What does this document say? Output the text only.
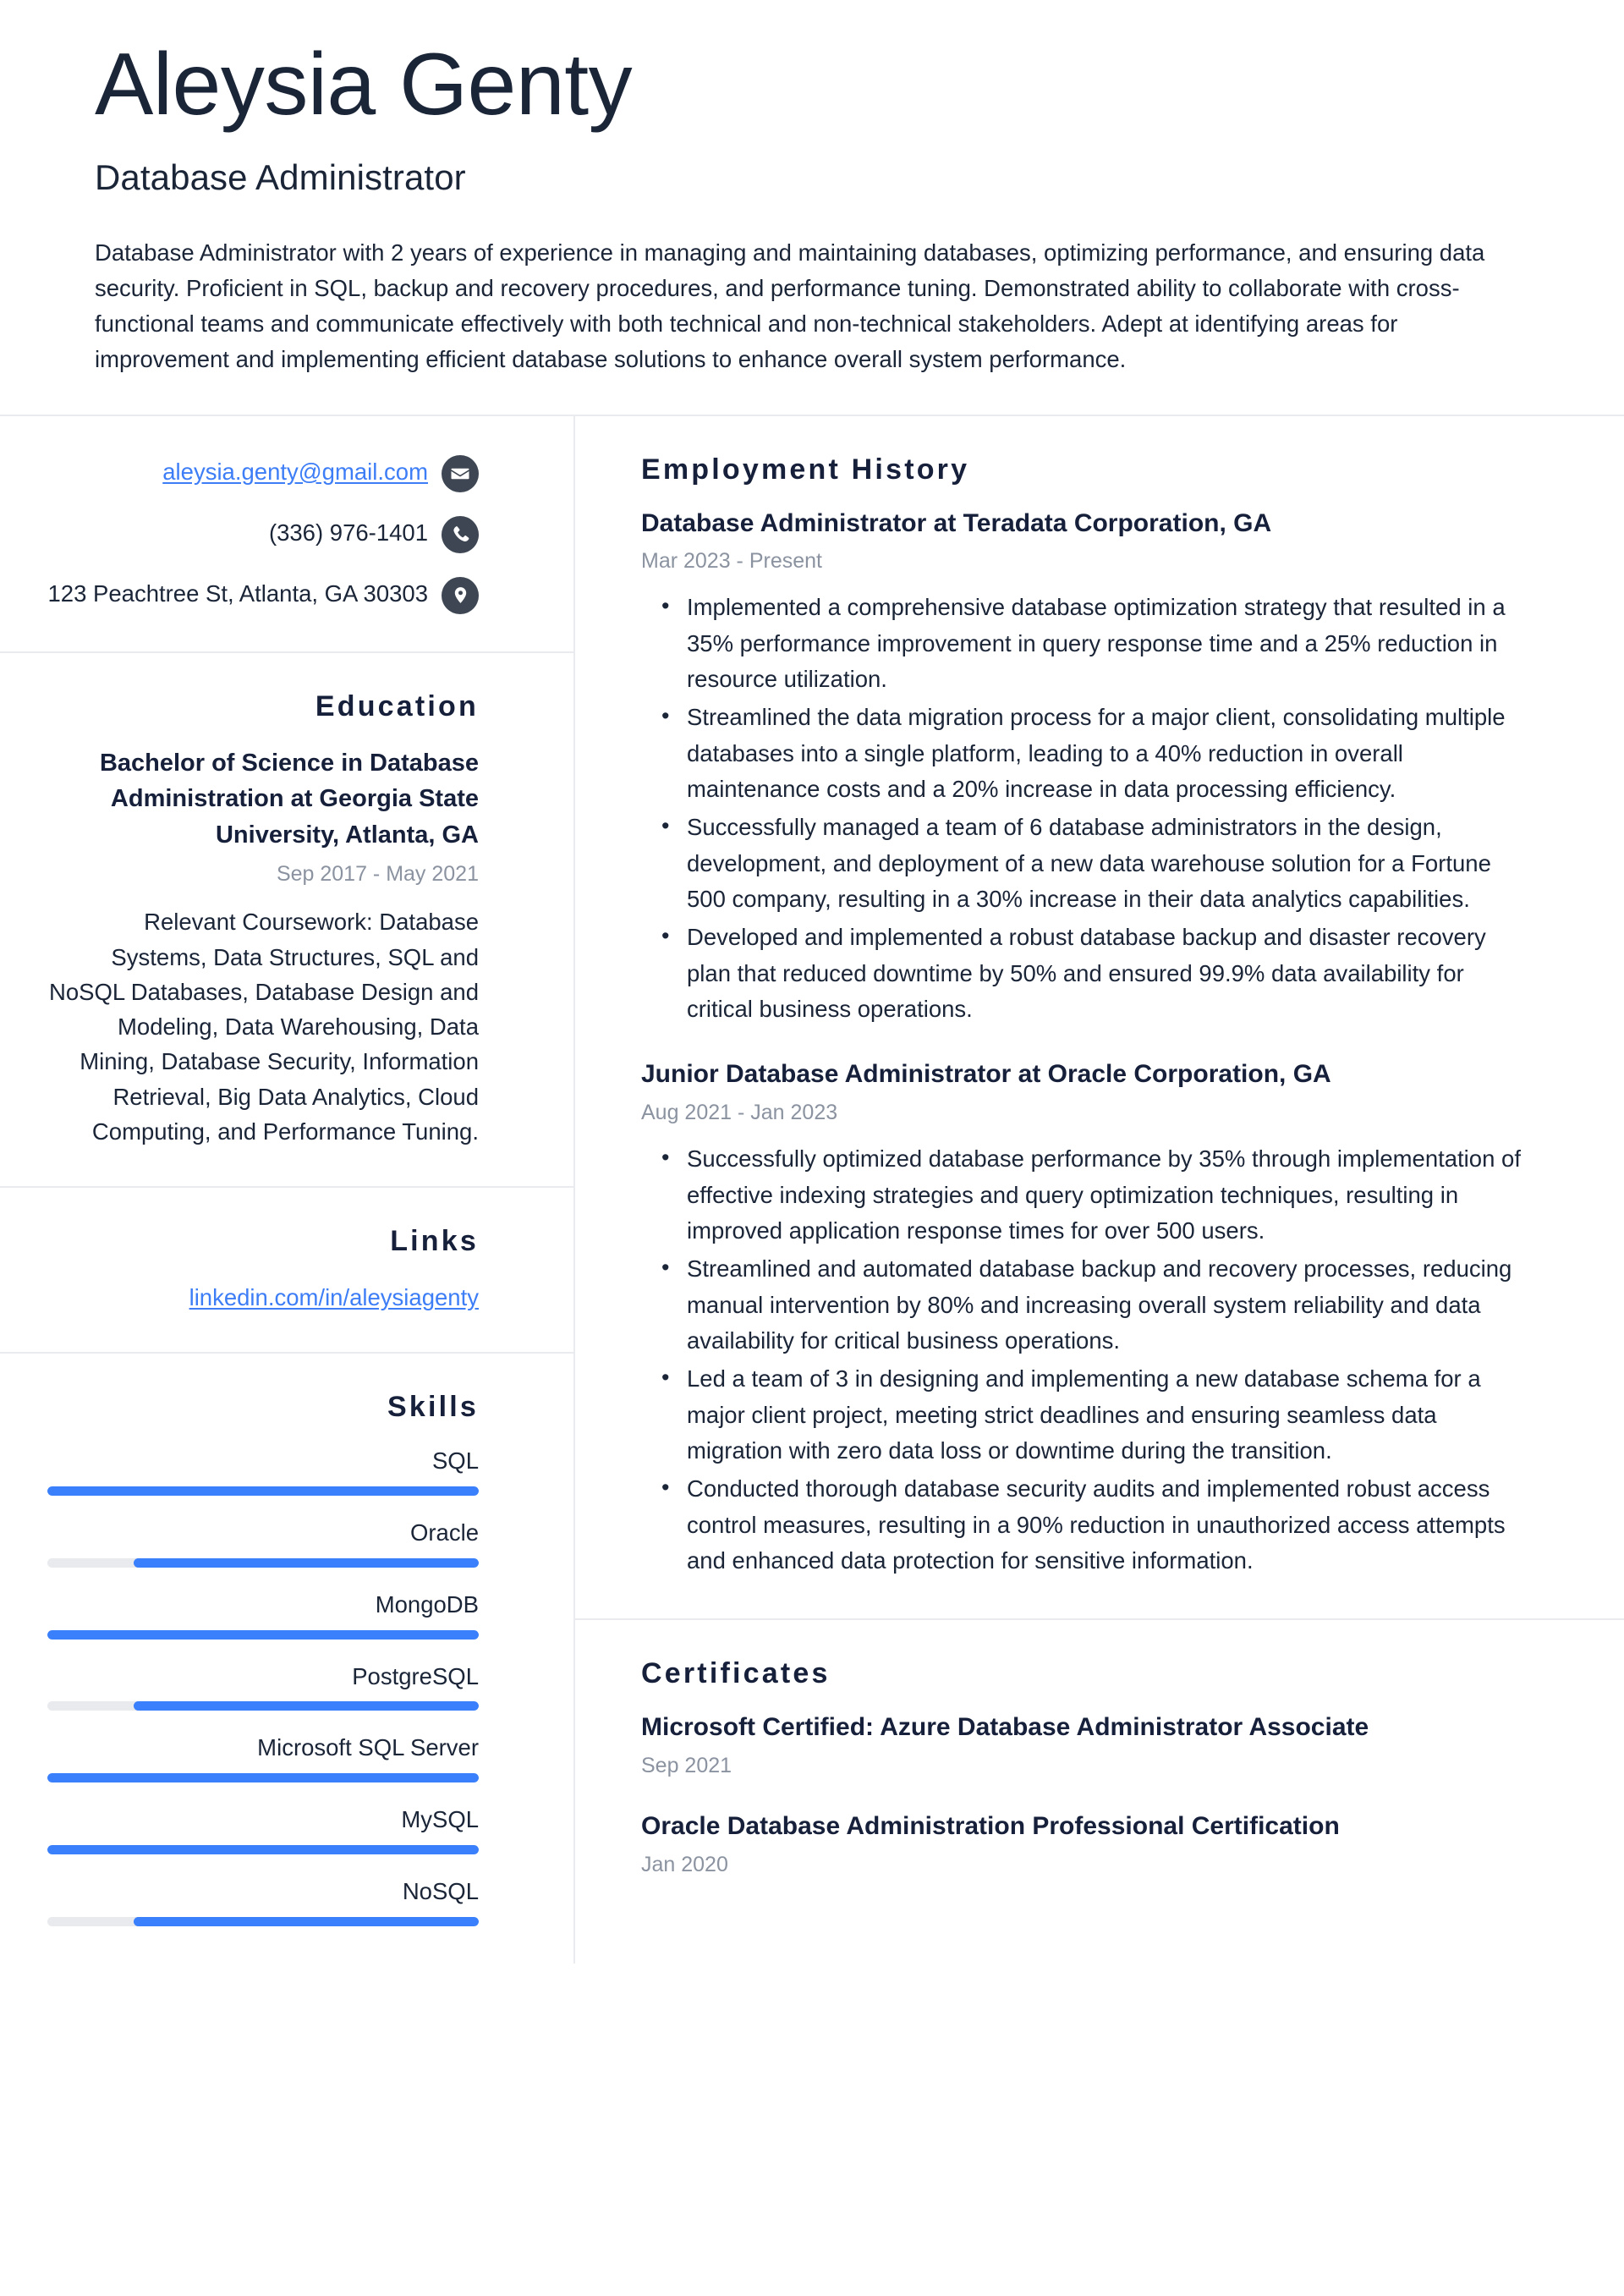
Aleysia Genty
Database Administrator

Database Administrator with 2 years of experience in managing and maintaining databases, optimizing performance, and ensuring data security. Proficient in SQL, backup and recovery procedures, and performance tuning. Demonstrated ability to collaborate with cross-functional teams and communicate effectively with both technical and non-technical stakeholders. Adept at identifying areas for improvement and implementing efficient database solutions to enhance overall system performance.

aleysia.genty@gmail.com
(336) 976-1401
123 Peachtree St, Atlanta, GA 30303
Education
Bachelor of Science in Database Administration at Georgia State University, Atlanta, GA
Sep 2017 - May 2021
Relevant Coursework: Database Systems, Data Structures, SQL and NoSQL Databases, Database Design and Modeling, Data Warehousing, Data Mining, Database Security, Information Retrieval, Big Data Analytics, Cloud Computing, and Performance Tuning.
Links
linkedin.com/in/aleysiagenty
Skills
SQL
Oracle
MongoDB
PostgreSQL
Microsoft SQL Server
MySQL
NoSQL
Employment History
Database Administrator at Teradata Corporation, GA
Mar 2023 - Present
• Implemented a comprehensive database optimization strategy that resulted in a 35% performance improvement in query response time and a 25% reduction in resource utilization.
• Streamlined the data migration process for a major client, consolidating multiple databases into a single platform, leading to a 40% reduction in overall maintenance costs and a 20% increase in data processing efficiency.
• Successfully managed a team of 6 database administrators in the design, development, and deployment of a new data warehouse solution for a Fortune 500 company, resulting in a 30% increase in their data analytics capabilities.
• Developed and implemented a robust database backup and disaster recovery plan that reduced downtime by 50% and ensured 99.9% data availability for critical business operations.
Junior Database Administrator at Oracle Corporation, GA
Aug 2021 - Jan 2023
• Successfully optimized database performance by 35% through implementation of effective indexing strategies and query optimization techniques, resulting in improved application response times for over 500 users.
• Streamlined and automated database backup and recovery processes, reducing manual intervention by 80% and increasing overall system reliability and data availability for critical business operations.
• Led a team of 3 in designing and implementing a new database schema for a major client project, meeting strict deadlines and ensuring seamless data migration with zero data loss or downtime during the transition.
• Conducted thorough database security audits and implemented robust access control measures, resulting in a 90% reduction in unauthorized access attempts and enhanced data protection for sensitive information.
Certificates
Microsoft Certified: Azure Database Administrator Associate
Sep 2021
Oracle Database Administration Professional Certification
Jan 2020
